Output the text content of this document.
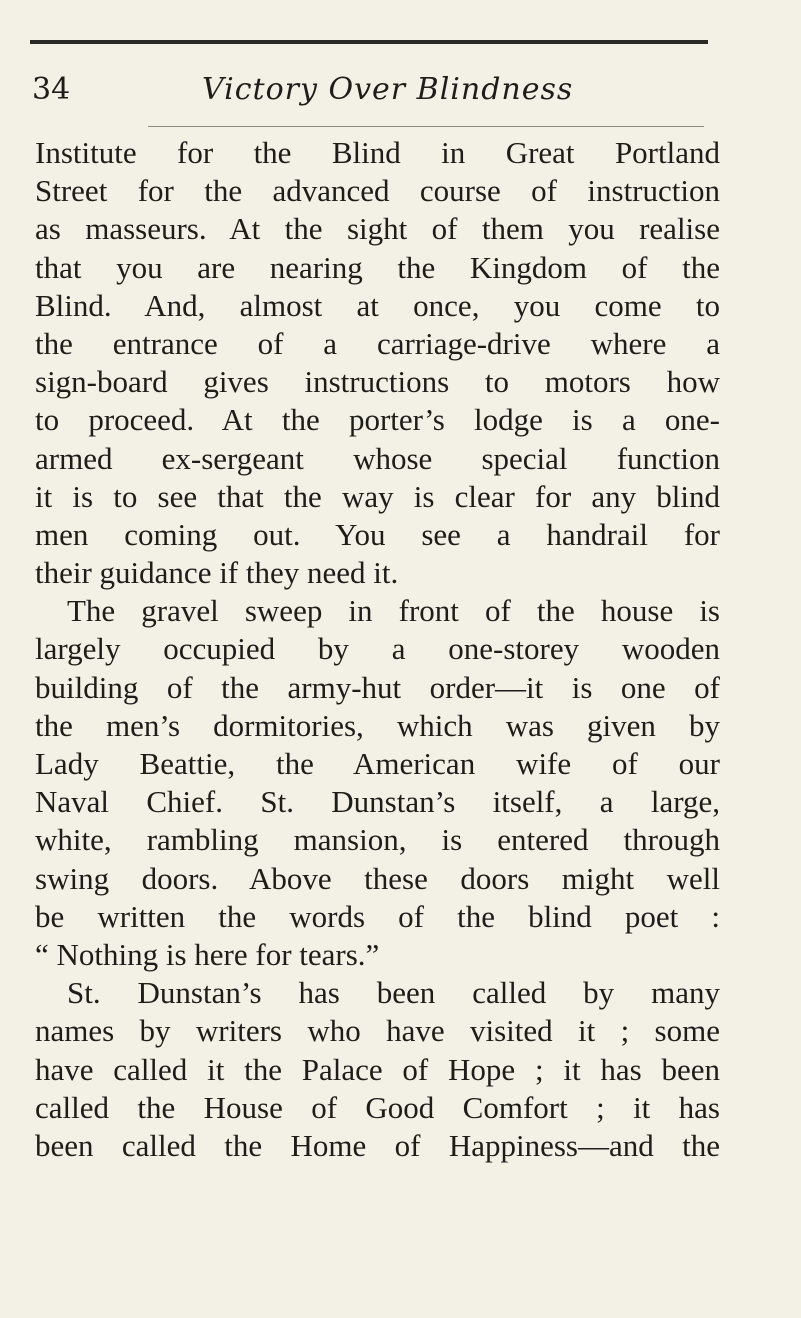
34	Victory Over Blindness
Institute for the Blind in Great Portland
Street for the advanced course of instruction
as masseurs. At the sight of them you realise
that you are nearing the Kingdom of the
Blind. And, almost at once, you come to
the entrance of a carriage-drive where a
sign-board gives instructions to motors how
to proceed. At the porter’s lodge is a one-
armed ex-sergeant whose special function
it is to see that the way is clear for any blind
men coming out. You see a handrail for
their guidance if they need it.
The gravel sweep in front of the house is
largely occupied by a one-storey wooden
building of the army-hut order—it is one of
the men’s dormitories, which was given by
Lady Beattie, the American wife of our
Naval Chief. St. Dunstan’s itself, a large,
white, rambling mansion, is entered through
swing doors. Above these doors might well
be written the words of the blind poet :
“ Nothing is here for tears.”
St. Dunstan’s has been called by many
names by writers who have visited it ; some
have called it the Palace of Hope ; it has been
called the House of Good Comfort ; it has
been called the Home of Happiness—and the
